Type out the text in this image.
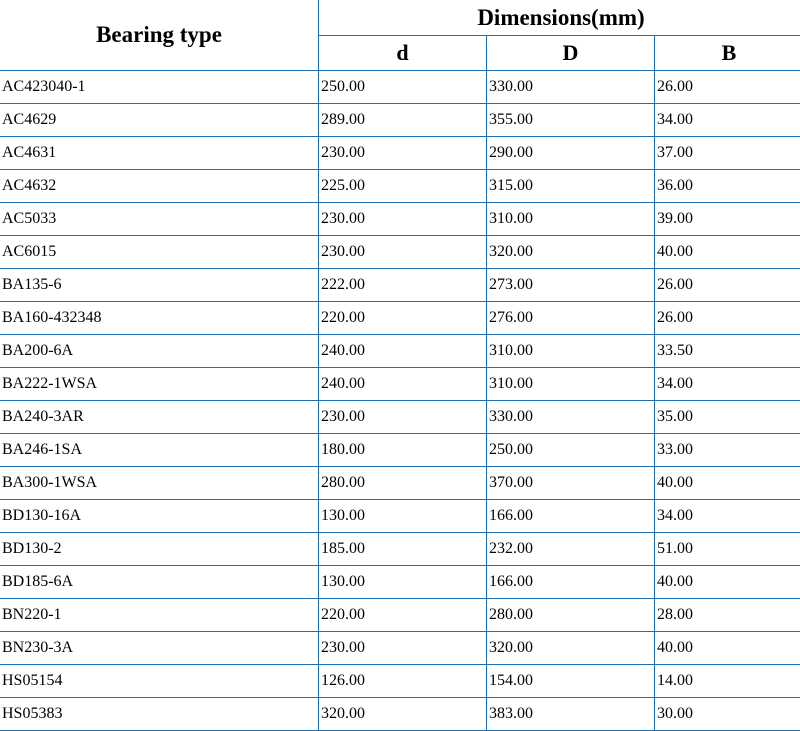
Bearing type	Dimensions(mm)		
	d	D	B
AC423040-1	250.00	330.00	26.00
AC4629	289.00	355.00	34.00
AC4631	230.00	290.00	37.00
AC4632	225.00	315.00	36.00
AC5033	230.00	310.00	39.00
AC6015	230.00	320.00	40.00
BA135-6	222.00	273.00	26.00
BA160-432348	220.00	276.00	26.00
BA200-6A	240.00	310.00	33.50
BA222-1WSA	240.00	310.00	34.00
BA240-3AR	230.00	330.00	35.00
BA246-1SA	180.00	250.00	33.00
BA300-1WSA	280.00	370.00	40.00
BD130-16A	130.00	166.00	34.00
BD130-2	185.00	232.00	51.00
BD185-6A	130.00	166.00	40.00
BN220-1	220.00	280.00	28.00
BN230-3A	230.00	320.00	40.00
HS05154	126.00	154.00	14.00
HS05383	320.00	383.00	30.00
